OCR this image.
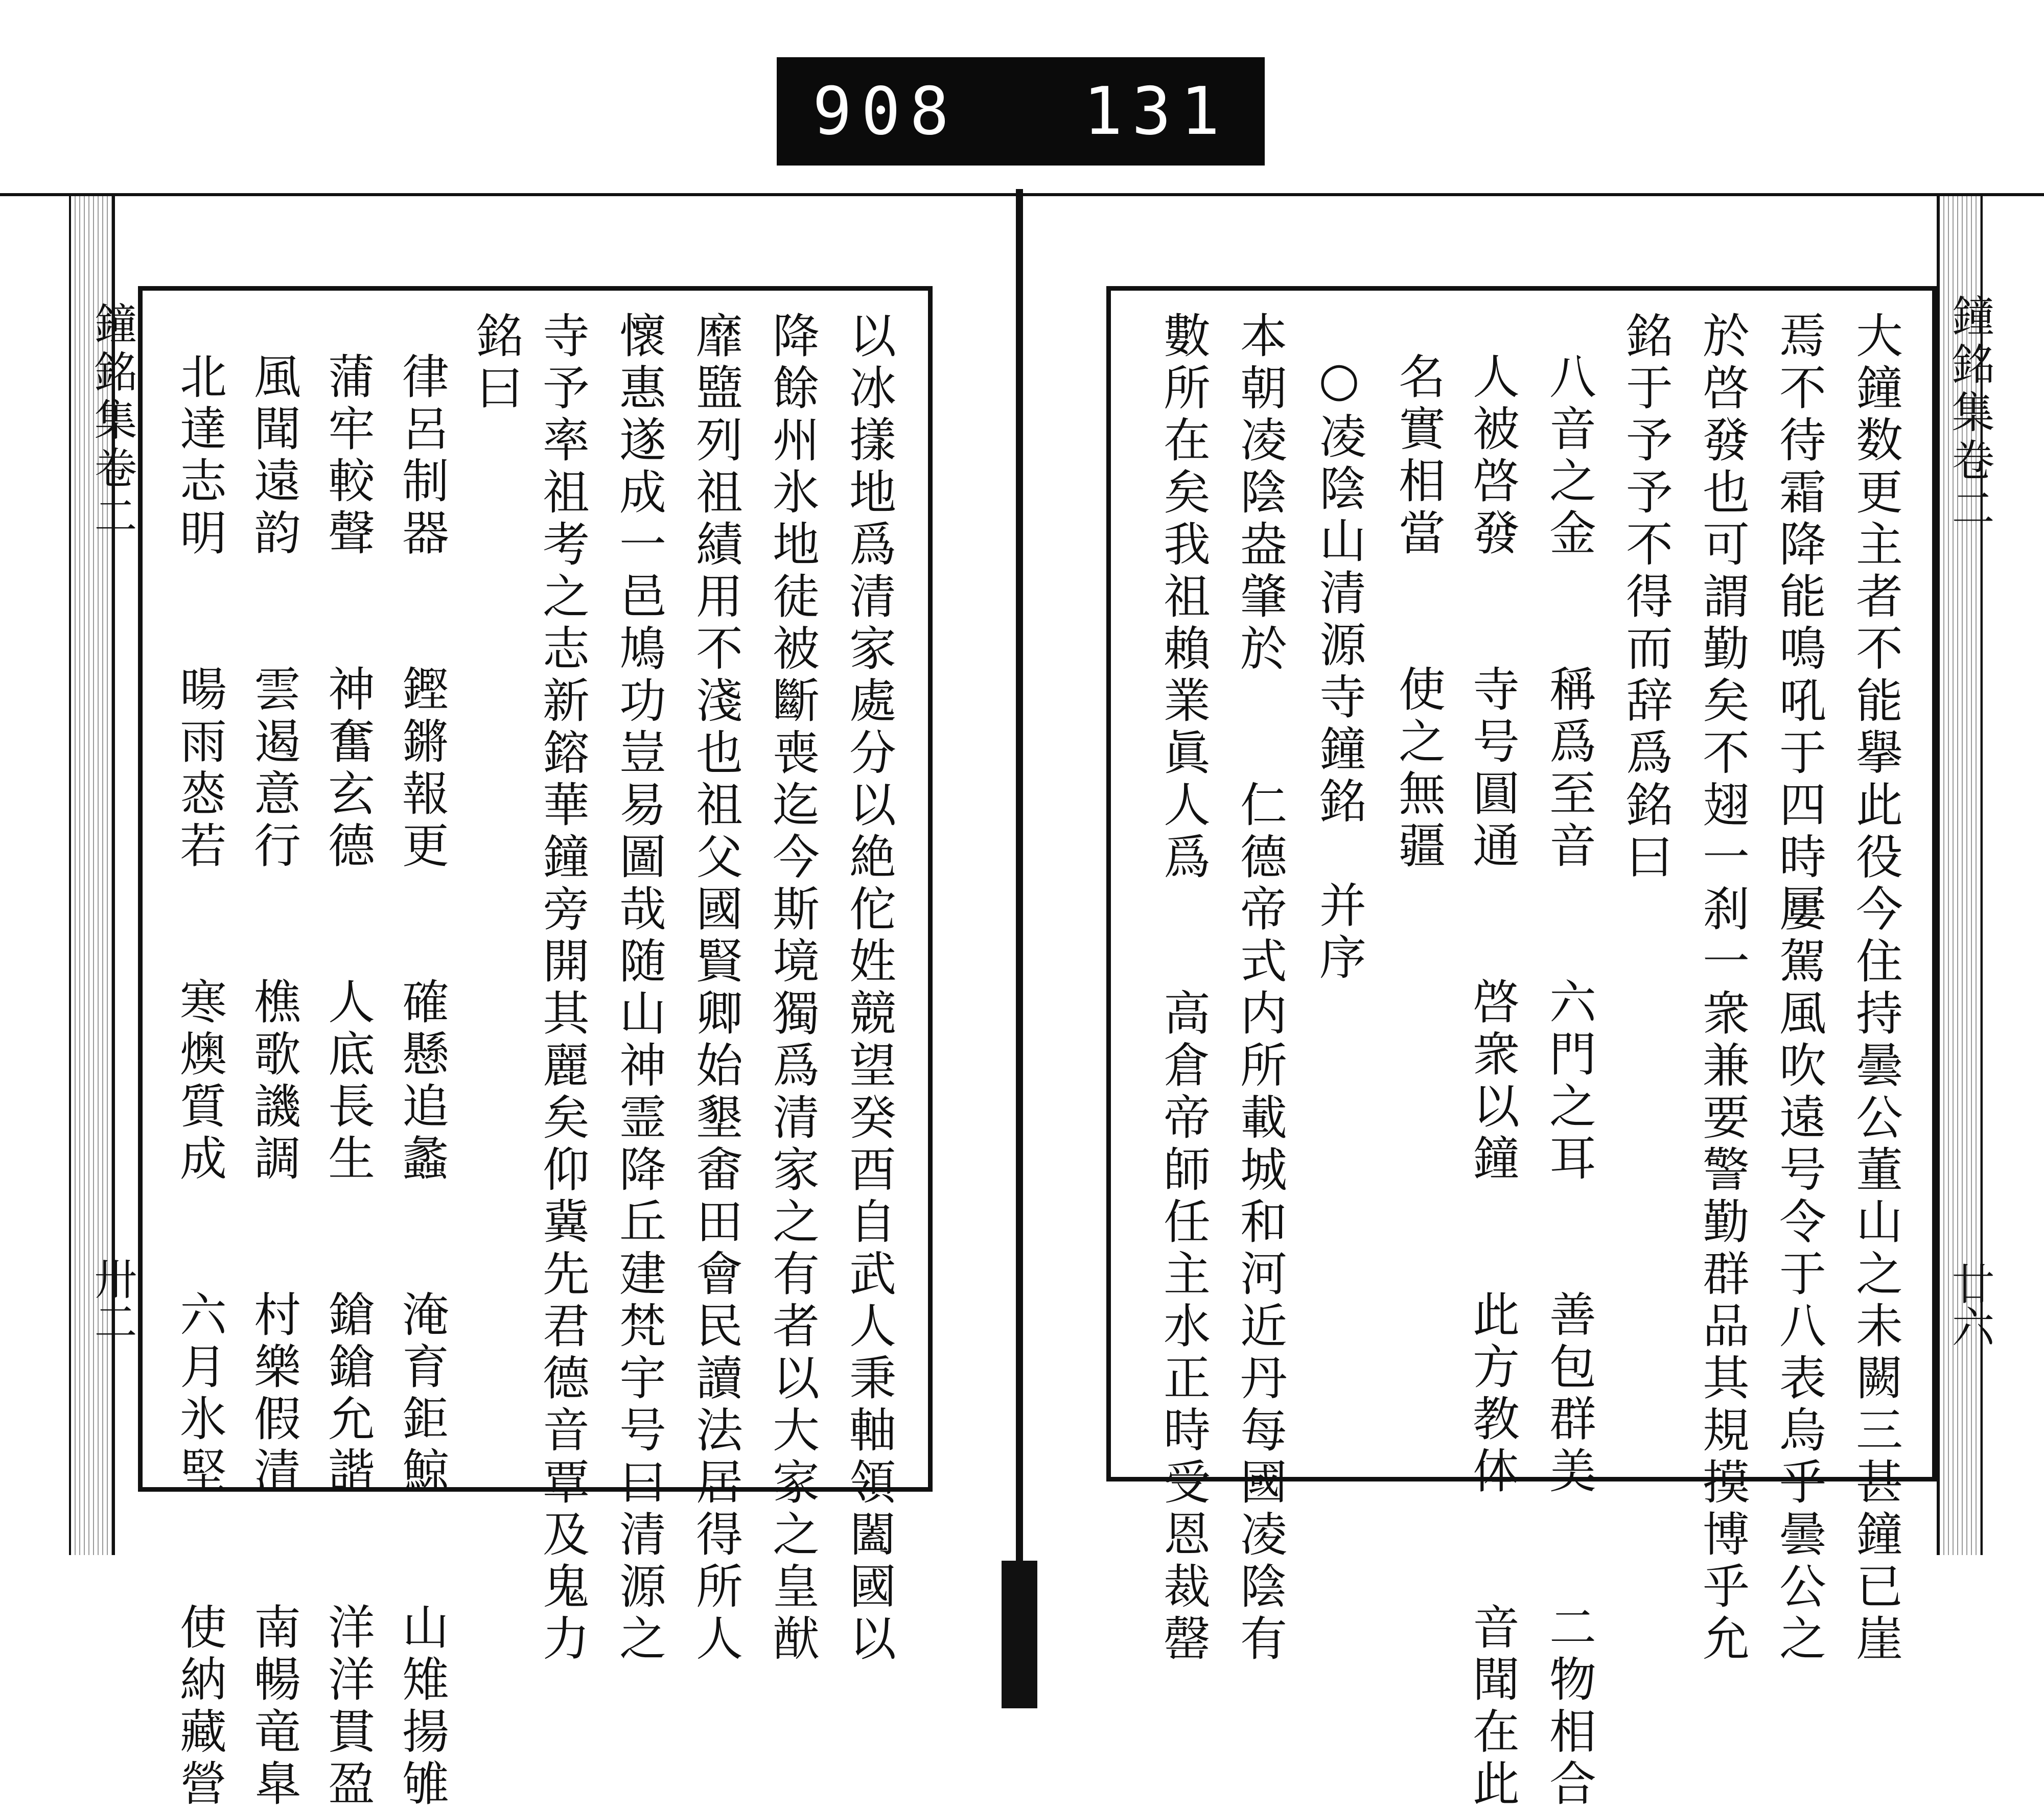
908 131
鐘銘集卷二
卅二
鐘銘集卷二
廿六
以冰㨾地爲清家處分以絶佗姓競望癸酉自武人秉軸領闔國以
降餘州氷地徒被斷喪迄今斯境獨爲清家之有者以大家之皇猷
靡盬列祖績用不淺也祖父國賢卿始墾畬田會民讀法居得所人
懷惠遂成一邑鳩功豈易圖哉随山神霊降丘建梵宇号曰清源之
寺予率祖考之志新鎔華鐘旁開其麗矣仰冀先君德音覃及鬼力
銘曰
律呂制器　　鏗鏘報更　　確懸追蠡　　淹育鉅鯨　　山雉揚雊
蒲牢較聲　　神奮玄德　　人底長生　　鎗鎗允諧　　洋洋貫盈
風聞遠韵　　雲遏意行　　樵歌譏調　　村樂假清　　南暢竜臯
北達志明　　暘雨㤲若　　寒燠質成　　六月氷堅　　使納藏營	大鐘数更主者不能擧此役今住持曇公董山之未闕三甚鐘已崖
焉不待霜降能鳴吼于四時屢駕風吹遠号令于八表烏乎曇公之
於啓發也可謂勤矣不翅一刹一衆兼要警勤群品其規摸博乎允
銘于予予不得而辞爲銘曰
八音之金　　稱爲至音　　六門之耳　　善包群美　　二物相合
人被啓發　　寺号圓通　　啓衆以鐘　　此方教体　　音聞在此
名實相當　　使之無疆
○凌陰山清源寺鐘銘　并序
本朝凌陰盎肇於　　仁德帝式内所載城和河近丹每國凌陰有
數所在矣我祖賴業眞人爲　　高倉帝師任主水正時受恩裁罄
